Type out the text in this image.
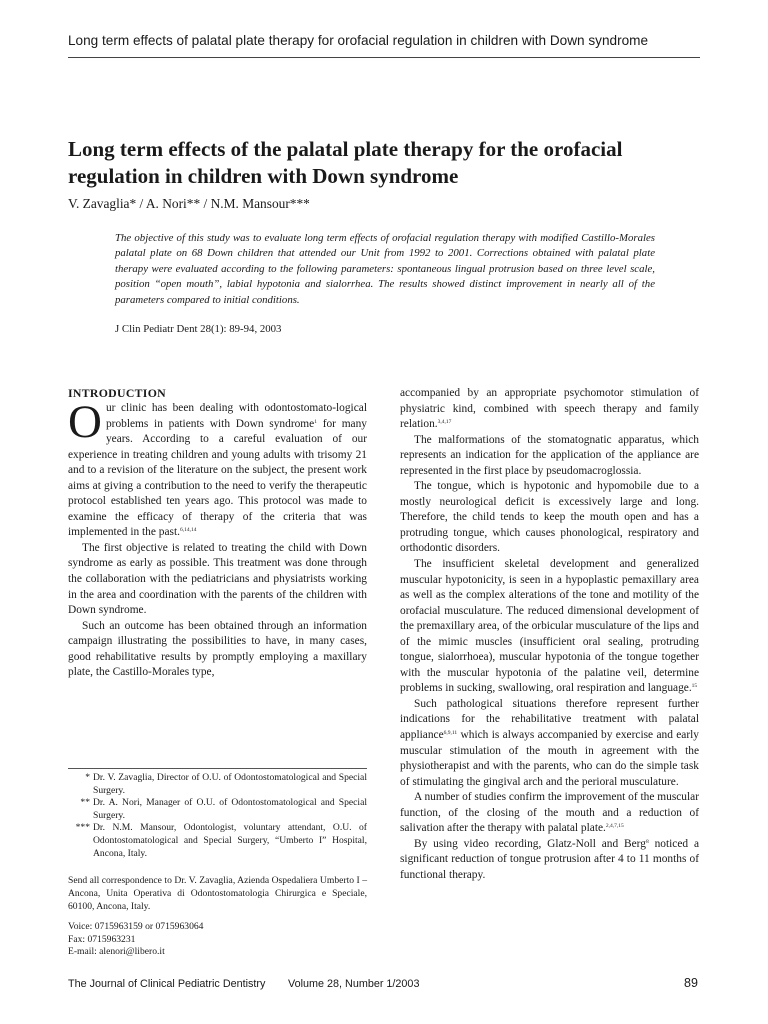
Long term effects of palatal plate therapy for orofacial regulation in children with Down syndrome
Long term effects of the palatal plate therapy for the orofacial
regulation in children with Down syndrome
V. Zavaglia* / A. Nori** / N.M. Mansour***

The objective of this study was to evaluate long term effects of orofacial regulation therapy with modified Castillo-Morales palatal plate on 68 Down children that attended our Unit from 1992 to 2001. Corrections obtained with palatal plate therapy were evaluated according to the following parameters: spontaneous lingual protrusion based on three level scale, position “open mouth”, labial hypotonia and sialorrhea. The results showed distinct improvement in nearly all of the parameters compared to initial conditions.

J Clin Pediatr Dent 28(1): 89-94, 2003
INTRODUCTION

Our clinic has been dealing with odontostomato-logical problems in patients with Down syndrome$^1$ for many years. According to a careful evaluation of our experience in treating children and young adults with trisomy 21 and to a revision of the literature on the subject, the present work aims at giving a contribution to the need to verify the therapeutic protocol established ten years ago. This protocol was made to examine the efficacy of therapy of the criteria that was implemented in the past.$^{6,14,14}$

The first objective is related to treating the child with Down syndrome as early as possible. This treatment was done through the collaboration with the pediatricians and physiatrists working in the area and coordination with the parents of the children with Down syndrome.

Such an outcome has been obtained through an information campaign illustrating the possibilities to have, in many cases, good rehabilitative results by promptly employing a maxillary plate, the Castillo-Morales type,

accompanied by an appropriate psychomotor stimulation of physiatric kind, combined with speech therapy and family relation.$^{3,4,17}$

The malformations of the stomatognatic apparatus, which represents an indication for the application of the appliance are represented in the first place by pseudomacroglossia.

The tongue, which is hypotonic and hypomobile due to a mostly neurological deficit is excessively large and long. Therefore, the child tends to keep the mouth open and has a protruding tongue, which causes phonological, respiratory and orthodontic disorders.

The insufficient skeletal development and generalized muscular hypotonicity, is seen in a hypoplastic pemaxillary area as well as the complex alterations of the tone and motility of the orofacial musculature. The reduced dimensional development of the premaxillary area, of the orbicular musculature of the lips and of the mimic muscles (insufficient oral sealing, protruding tongue, sialorrhoea), muscular hypotonia of the tongue together with the muscular hypotonia of the palatine veil, determine problems in sucking, swallowing, oral respiration and language.$^{15}$

Such pathological situations therefore represent further indications for the rehabilitative treatment with palatal appliance$^{6,9,11}$ which is always accompanied by exercise and early muscular stimulation of the mouth in agreement with the physiotherapist and with the parents, who can do the simple task of stimulating the gingival arch and the perioral musculature.

A number of studies confirm the improvement of the muscular function, of the closing of the mouth and a reduction of salivation after the therapy with palatal plate.$^{2,4,7,15}$

By using video recording, Glatz-Noll and Berg$^8$ noticed a significant reduction of tongue protrusion after 4 to 11 months of functional therapy.

* Dr. V. Zavaglia, Director of O.U. of Odontostomatological and Special Surgery.
** Dr. A. Nori, Manager of O.U. of Odontostomatological and Special Surgery.
*** Dr. N.M. Mansour, Odontologist, voluntary attendant, O.U. of Odontostomatological and Special Surgery, “Umberto I” Hospital, Ancona, Italy.
Send all correspondence to Dr. V. Zavaglia, Azienda Ospedaliera Umberto I – Ancona, Unita Operativa di Odontostomatologia Chirurgica e Speciale, 60100, Ancona, Italy.
Voice: 0715963159 or 0715963064
Fax: 0715963231
E-mail: alenori@libero.it
The Journal of Clinical Pediatric Dentistry Volume 28, Number 1/2003	89
